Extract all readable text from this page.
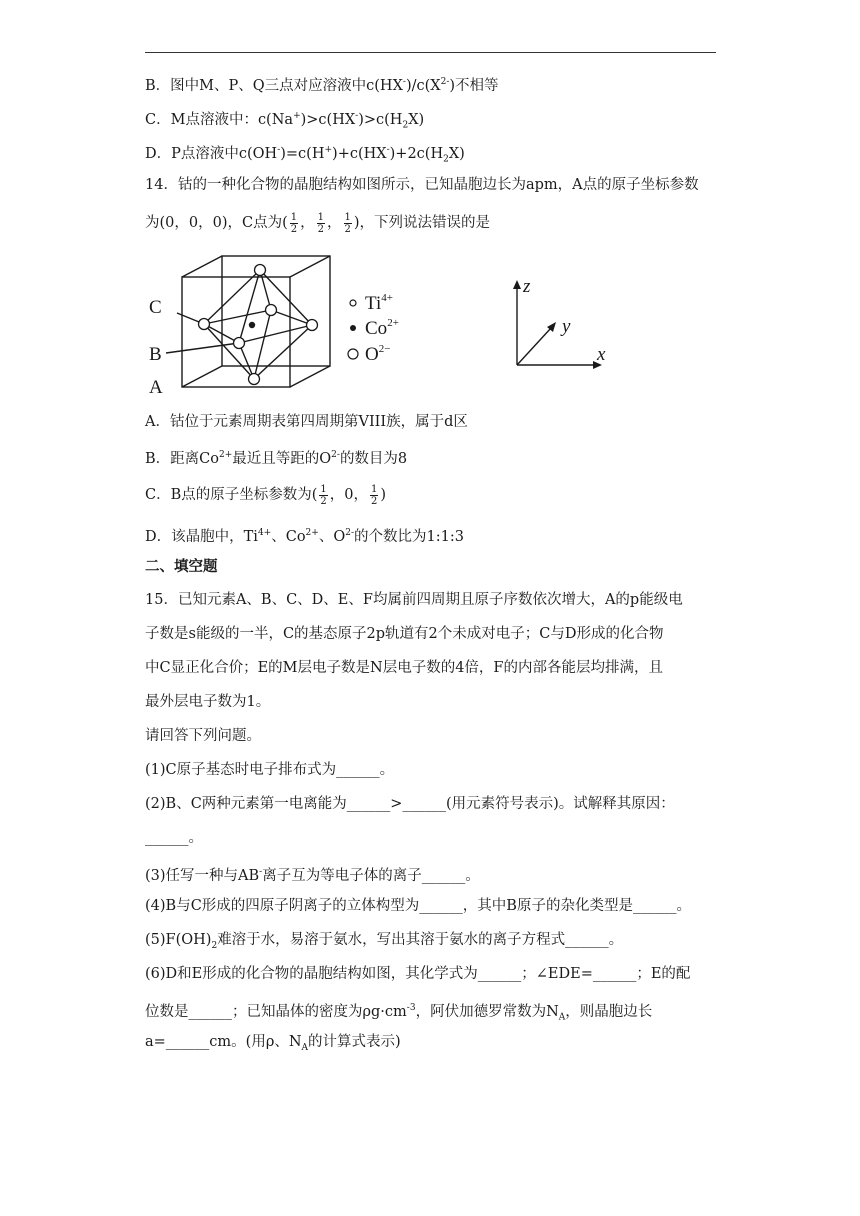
B．图中M、P、Q三点对应溶液中$c(HX^-)/c(X^{2-})$不相等
C．M点溶液中：$c(Na^+)>c(HX^-)>c(H_2X)$
D．P点溶液中$c(OH^-)=c(H^+)+c(HX^-)+2c(H_2X)$
14．钴的一种化合物的晶胞结构如图所示，已知晶胞边长为apm，A点的原子坐标参数
为(0，0，0)，C点为( $\frac{1}{2}$ ， $\frac{1}{2}$ ， $\frac{1}{2}$ )，下列说法错误的是
C
B
A
$Ti^{4+}$
$Co^{2+}$
$O^{2-}$
z
y
x
A．钴位于元素周期表第四周期第VIII族，属于d区
B．距离$Co^{2+}$最近且等距的$O^{2-}$的数目为8
C．B点的原子坐标参数为( $\frac{1}{2}$ ，0， $\frac{1}{2}$ )
D．该晶胞中，$Ti^{4+}$、$Co^{2+}$、$O^{2-}$的个数比为1:1:3
二、填空题
15．已知元素A、B、C、D、E、F均属前四周期且原子序数依次增大，A的p能级电
子数是s能级的一半，C的基态原子2p轨道有2个未成对电子；C与D形成的化合物
中C显正化合价；E的M层电子数是N层电子数的4倍，F的内部各能层均排满，且
最外层电子数为1。
请回答下列问题。
(1)C原子基态时电子排布式为______。
(2)B、C两种元素第一电离能为______>______(用元素符号表示)。试解释其原因：
______。
(3)任写一种与AB-离子互为等电子体的离子______。
(4)B与C形成的四原子阴离子的立体构型为______，其中B原子的杂化类型是______。
$(5)F(OH)_2$难溶于水，易溶于氨水，写出其溶于氨水的离子方程式______。
(6)D和E形成的化合物的晶胞结构如图，其化学式为______；∠EDE=______；E的配
位数是______；已知晶体的密度为$\rho g\cdot cm^{-3}$，阿伏加德罗常数为$N_A$，则晶胞边长
a=______cm。(用ρ、$N_A$的计算式表示)
